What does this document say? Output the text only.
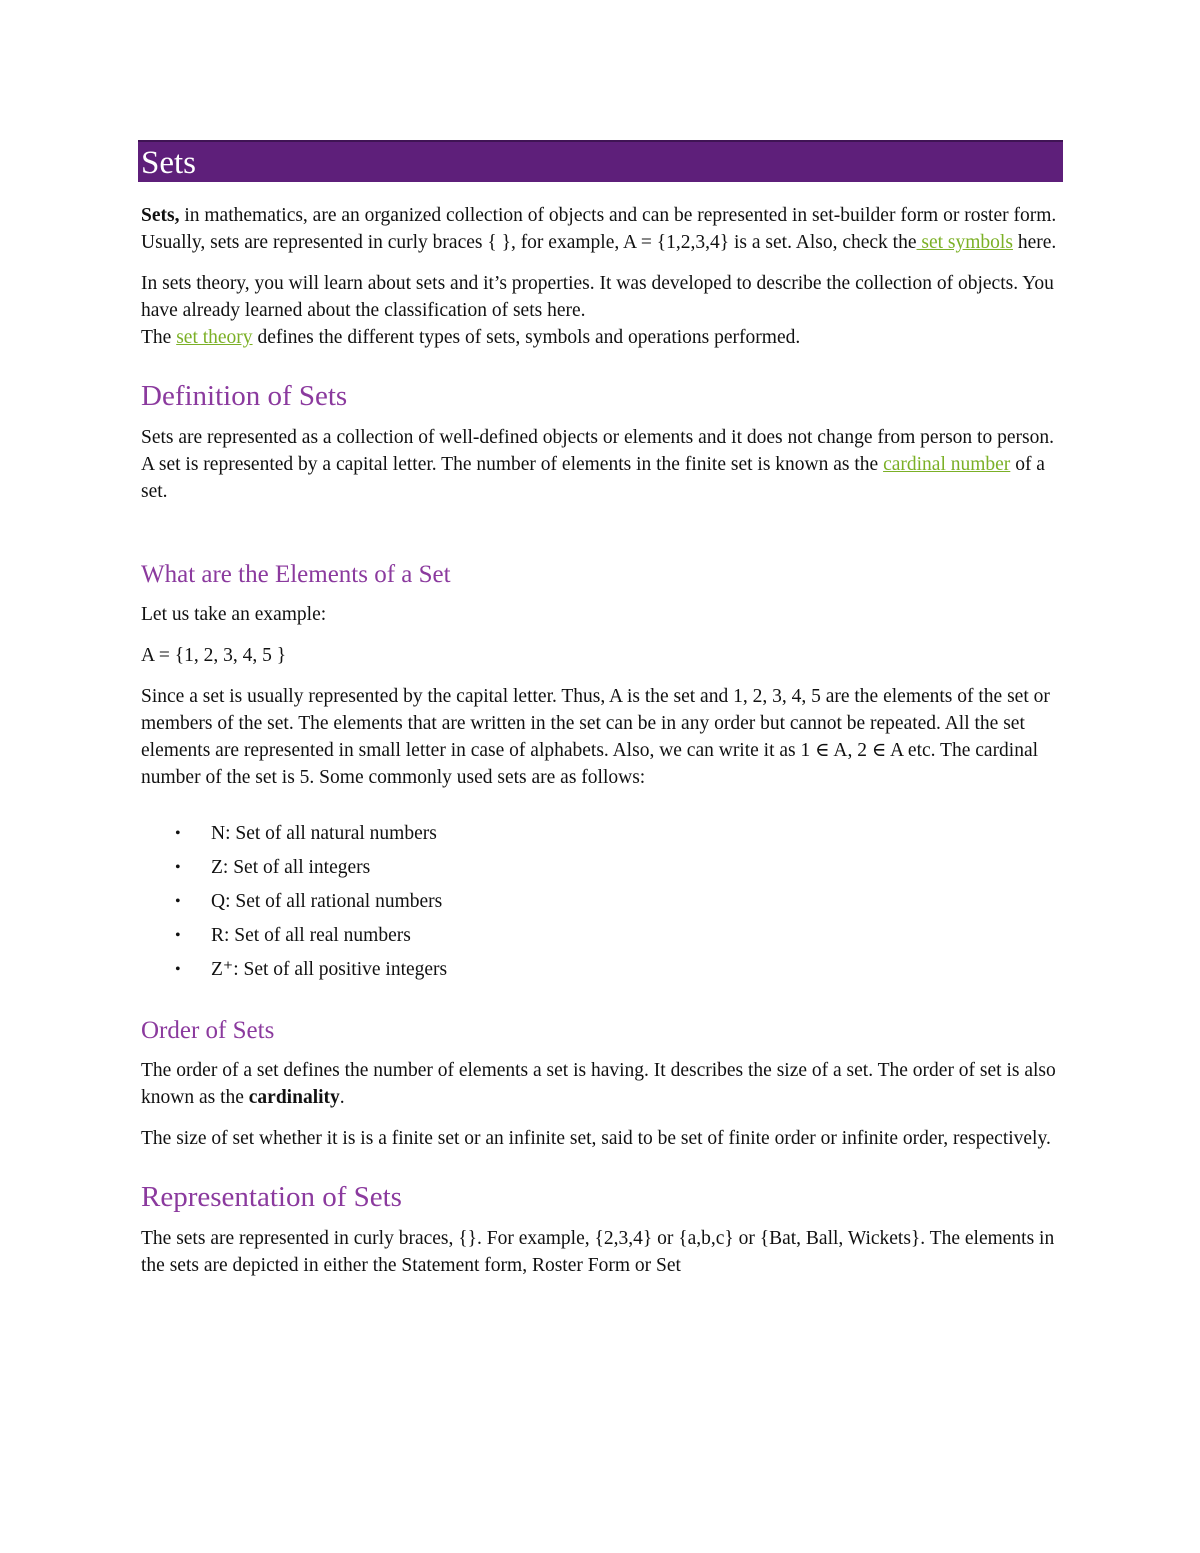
Sets

Sets, in mathematics, are an organized collection of objects and can be represented in set-builder form or roster form. Usually, sets are represented in curly braces { }, for example, A = {1,2,3,4} is a set. Also, check the set symbols here.

In sets theory, you will learn about sets and it’s properties. It was developed to describe the collection of objects. You have already learned about the classification of sets here.
The set theory defines the different types of sets, symbols and operations performed.

Definition of Sets

Sets are represented as a collection of well-defined objects or elements and it does not change from person to person. A set is represented by a capital letter. The number of elements in the finite set is known as the cardinal number of a set.

What are the Elements of a Set

Let us take an example:

A = {1, 2, 3, 4, 5 }

Since a set is usually represented by the capital letter. Thus, A is the set and 1, 2, 3, 4, 5 are the elements of the set or members of the set. The elements that are written in the set can be in any order but cannot be repeated. All the set elements are represented in small letter in case of alphabets. Also, we can write it as 1 ∈ A, 2 ∈ A etc. The cardinal number of the set is 5. Some commonly used sets are as follows:

• N: Set of all natural numbers
• Z: Set of all integers
• Q: Set of all rational numbers
• R: Set of all real numbers
• Z⁺: Set of all positive integers
Order of Sets

The order of a set defines the number of elements a set is having. It describes the size of a set. The order of set is also known as the cardinality.

The size of set whether it is is a finite set or an infinite set, said to be set of finite order or infinite order, respectively.

Representation of Sets

The sets are represented in curly braces, {}. For example, {2,3,4} or {a,b,c} or {Bat, Ball, Wickets}. The elements in the sets are depicted in either the Statement form, Roster Form or Set
